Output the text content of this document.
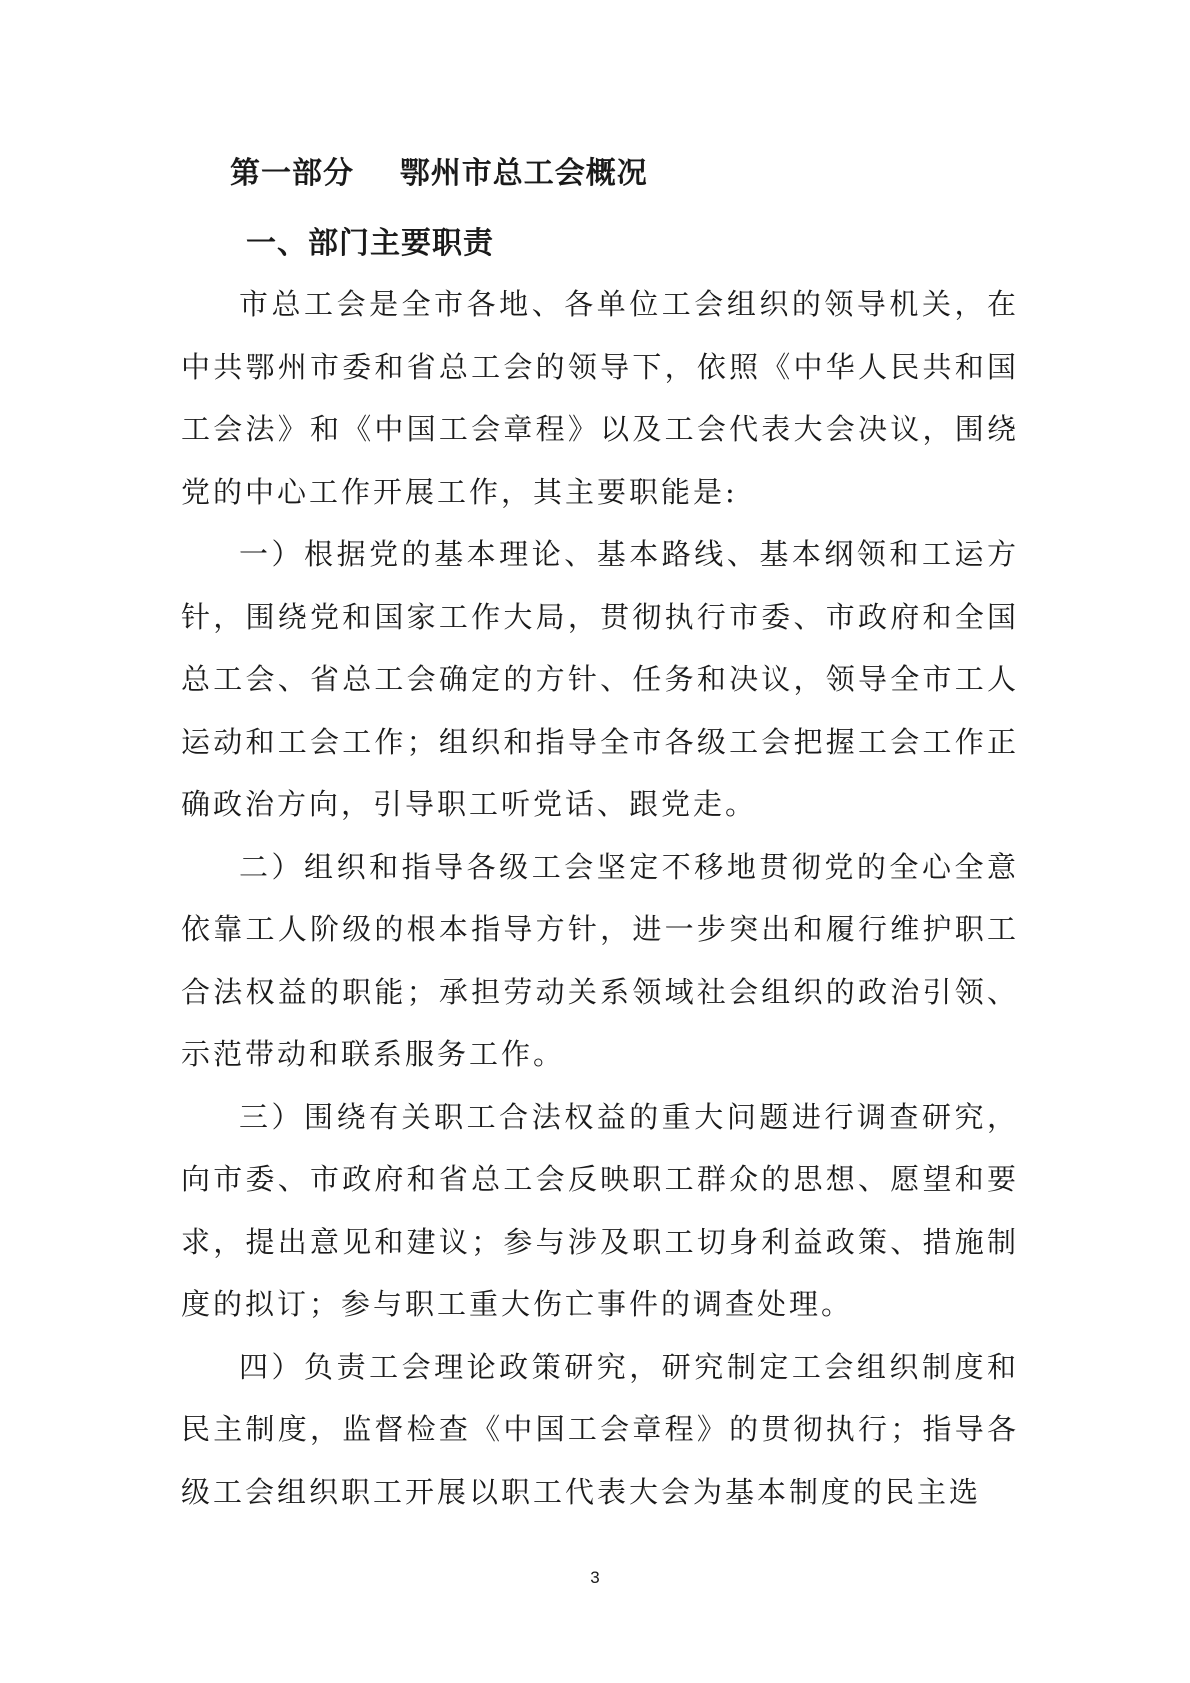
第一部分    鄂州市总工会概况
一、部门主要职责

市总工会是全市各地、各单位工会组织的领导机关，在中共鄂州市委和省总工会的领导下，依照《中华人民共和国工会法》和《中国工会章程》以及工会代表大会决议，围绕党的中心工作开展工作，其主要职能是:

一）根据党的基本理论、基本路线、基本纲领和工运方针，围绕党和国家工作大局，贯彻执行市委、市政府和全国总工会、省总工会确定的方针、任务和决议，领导全市工人运动和工会工作；组织和指导全市各级工会把握工会工作正确政治方向，引导职工听党话、跟党走。

二）组织和指导各级工会坚定不移地贯彻党的全心全意依靠工人阶级的根本指导方针，进一步突出和履行维护职工合法权益的职能；承担劳动关系领域社会组织的政治引领、示范带动和联系服务工作。

三）围绕有关职工合法权益的重大问题进行调查研究，向市委、市政府和省总工会反映职工群众的思想、愿望和要求，提出意见和建议；参与涉及职工切身利益政策、措施制度的拟订；参与职工重大伤亡事件的调查处理。

四）负责工会理论政策研究，研究制定工会组织制度和民主制度，监督检查《中国工会章程》的贯彻执行；指导各级工会组织职工开展以职工代表大会为基本制度的民主选

3
